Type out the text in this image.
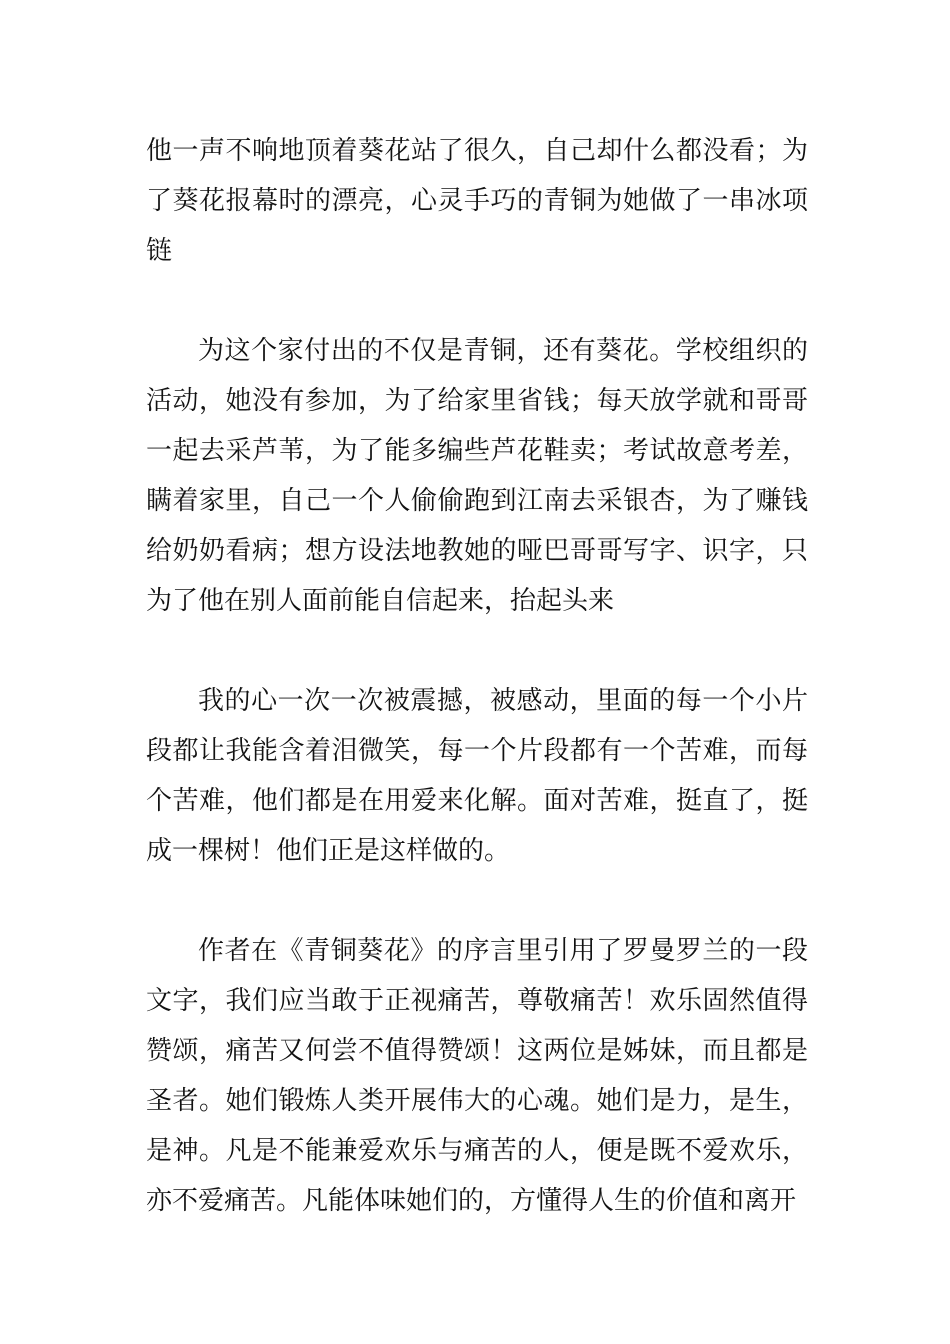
他一声不响地顶着葵花站了很久，自己却什么都没看；为了葵花报幕时的漂亮，心灵手巧的青铜为她做了一串冰项链

为这个家付出的不仅是青铜，还有葵花。学校组织的活动，她没有参加，为了给家里省钱；每天放学就和哥哥一起去采芦苇，为了能多编些芦花鞋卖；考试故意考差，瞒着家里，自己一个人偷偷跑到江南去采银杏，为了赚钱给奶奶看病；想方设法地教她的哑巴哥哥写字、识字，只为了他在别人面前能自信起来，抬起头来

我的心一次一次被震撼，被感动，里面的每一个小片段都让我能含着泪微笑，每一个片段都有一个苦难，而每个苦难，他们都是在用爱来化解。面对苦难，挺直了，挺成一棵树！他们正是这样做的。

作者在《青铜葵花》的序言里引用了罗曼罗兰的一段文字，我们应当敢于正视痛苦，尊敬痛苦！欢乐固然值得赞颂，痛苦又何尝不值得赞颂！这两位是姊妹，而且都是圣者。她们锻炼人类开展伟大的心魂。她们是力，是生，是神。凡是不能兼爱欢乐与痛苦的人，便是既不爱欢乐，亦不爱痛苦。凡能体味她们的，方懂得人生的价值和离开
